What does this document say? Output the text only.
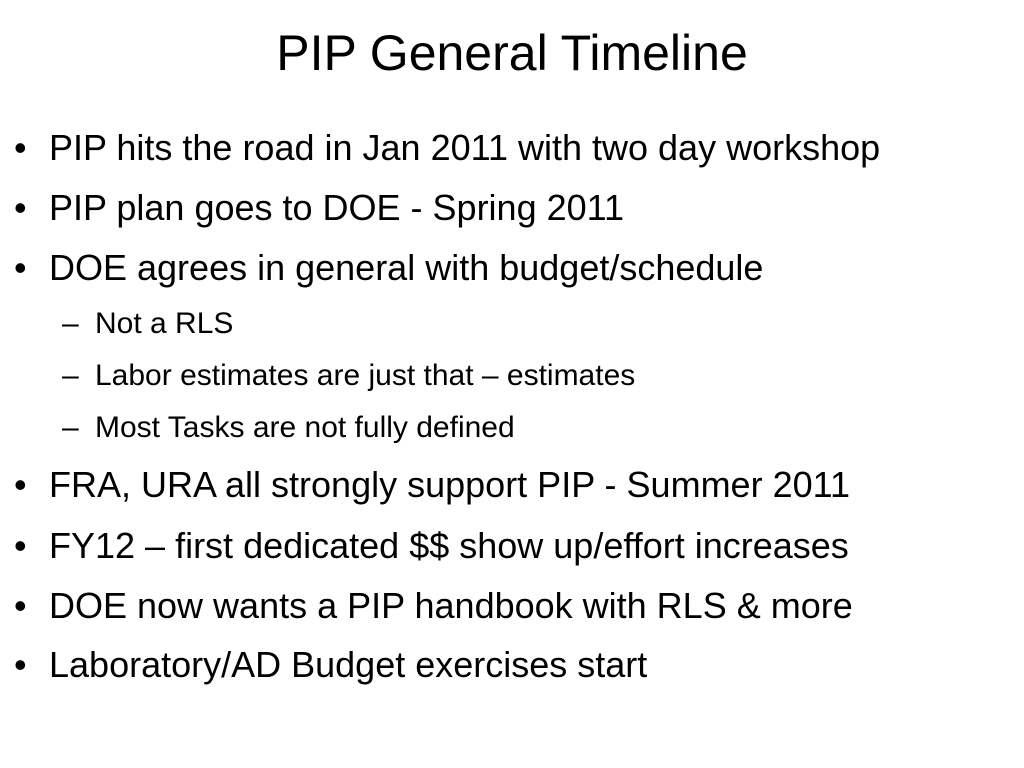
PIP General Timeline
• PIP hits the road in Jan 2011 with two day workshop
• PIP plan goes to DOE - Spring 2011
• DOE agrees in general with budget/schedule
– Not a RLS
– Labor estimates are just that – estimates
– Most Tasks are not fully defined
• FRA, URA all strongly support PIP - Summer 2011
• FY12 – first dedicated $$ show up/effort increases
• DOE now wants a PIP handbook with RLS & more
• Laboratory/AD Budget exercises start
